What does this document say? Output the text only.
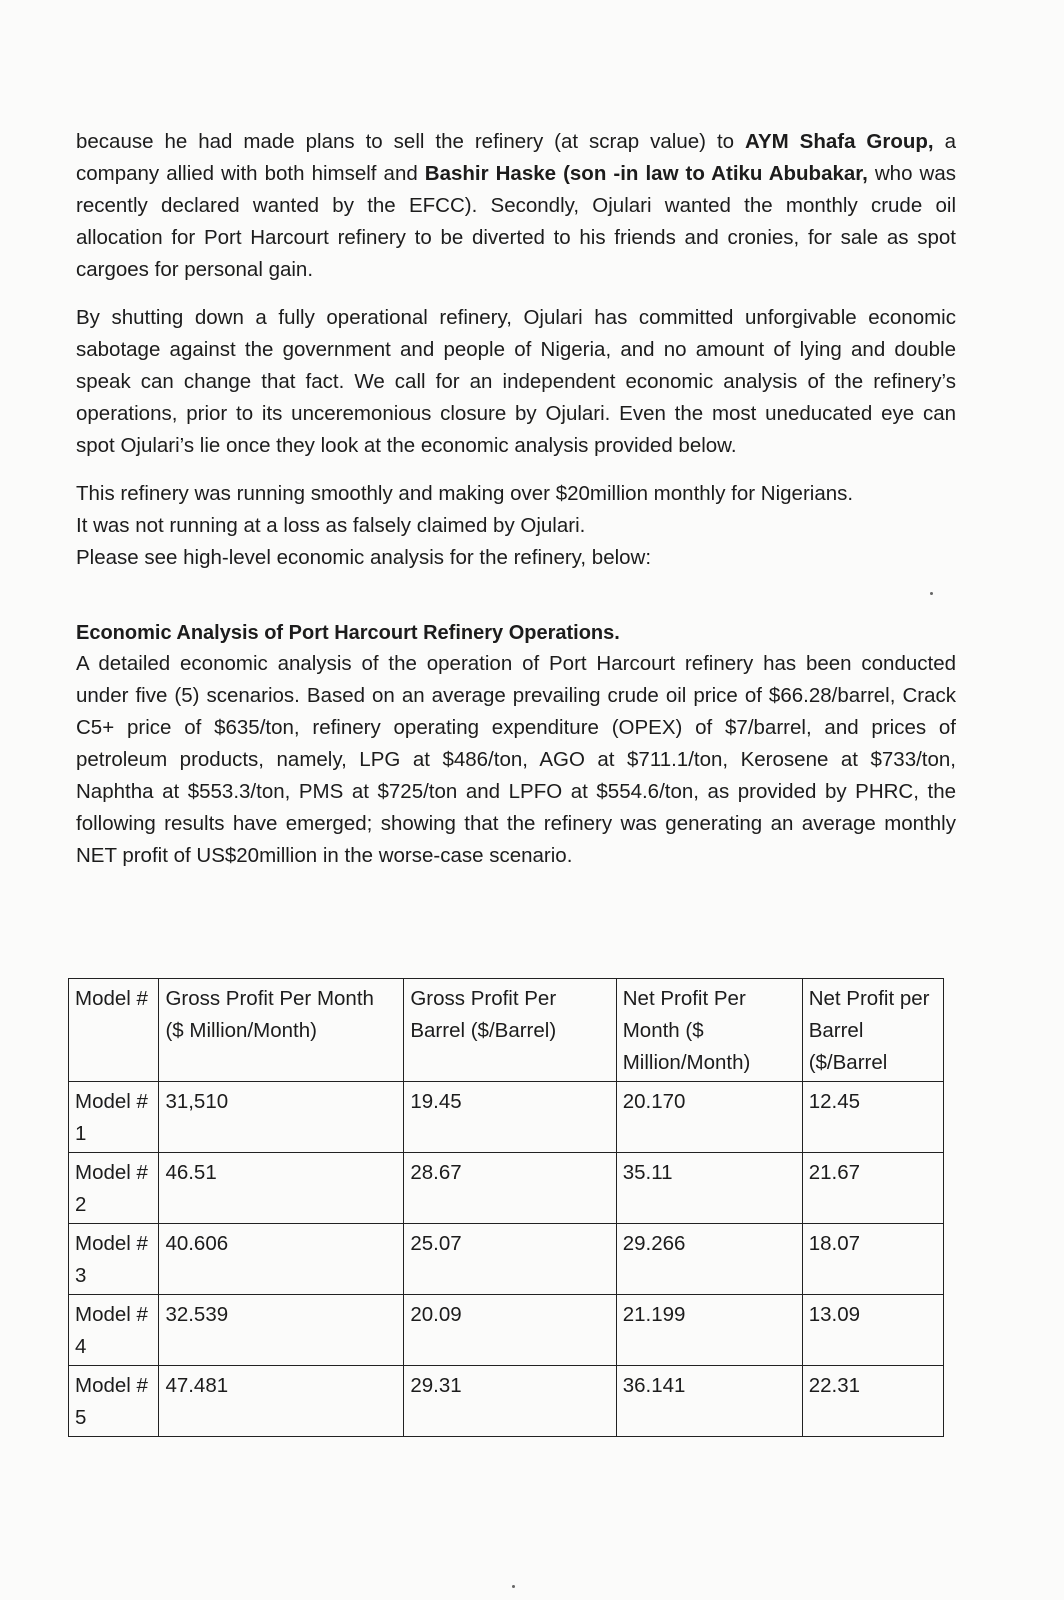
because he had made plans to sell the refinery (at scrap value) to AYM Shafa Group, a company allied with both himself and Bashir Haske (son -in law to Atiku Abubakar, who was recently declared wanted by the EFCC). Secondly, Ojulari wanted the monthly crude oil allocation for Port Harcourt refinery to be diverted to his friends and cronies, for sale as spot cargoes for personal gain.

By shutting down a fully operational refinery, Ojulari has committed unforgivable economic sabotage against the government and people of Nigeria, and no amount of lying and double speak can change that fact. We call for an independent economic analysis of the refinery’s operations, prior to its unceremonious closure by Ojulari. Even the most uneducated eye can spot Ojulari’s lie once they look at the economic analysis provided below.

This refinery was running smoothly and making over $20million monthly for Nigerians.
It was not running at a loss as falsely claimed by Ojulari.
Please see high-level economic analysis for the refinery, below:

Economic Analysis of Port Harcourt Refinery Operations.

A detailed economic analysis of the operation of Port Harcourt refinery has been conducted under five (5) scenarios. Based on an average prevailing crude oil price of $66.28/barrel, Crack C5+ price of $635/ton, refinery operating expenditure (OPEX) of $7/barrel, and prices of petroleum products, namely, LPG at $486/ton, AGO at $711.1/ton, Kerosene at $733/ton, Naphtha at $553.3/ton, PMS at $725/ton and LPFO at $554.6/ton, as provided by PHRC, the following results have emerged; showing that the refinery was generating an average monthly NET profit of US$20million in the worse-case scenario.

Model #	Gross Profit Per Month ($ Million/Month)	Gross Profit Per Barrel ($/Barrel)	Net Profit Per Month ($ Million/Month)	Net Profit per Barrel ($/Barrel
Model # 1	31,510	19.45	20.170	12.45
Model # 2	46.51	28.67	35.11	21.67
Model # 3	40.606	25.07	29.266	18.07
Model # 4	32.539	20.09	21.199	13.09
Model # 5	47.481	29.31	36.141	22.31
